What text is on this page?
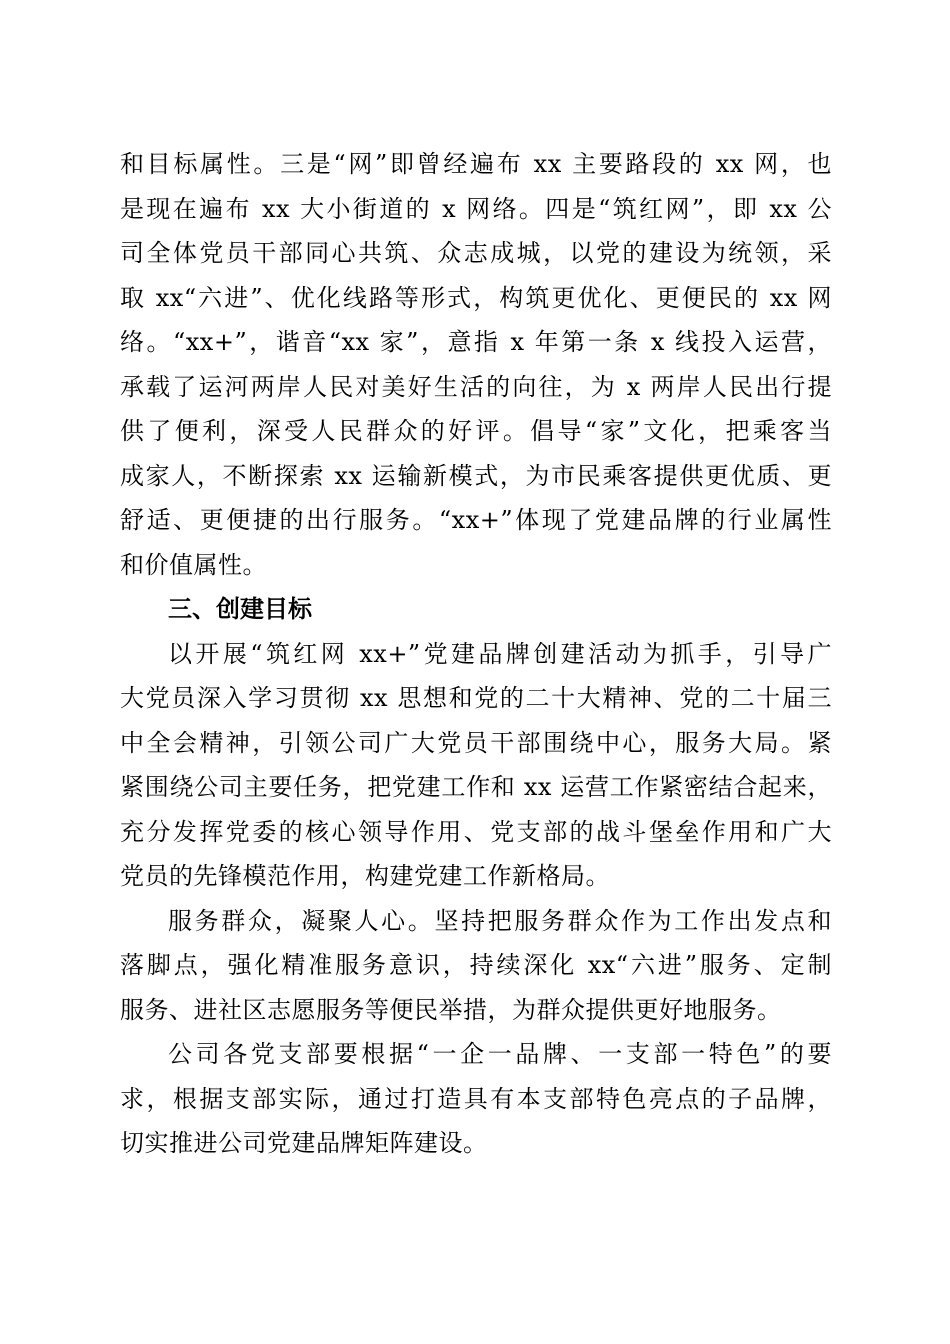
和目标属性。三是“网”即曾经遍布 xx 主要路段的 xx 网，也
是现在遍布 xx 大小街道的 x 网络。四是“筑红网”，即 xx 公
司全体党员干部同心共筑、众志成城，以党的建设为统领，采
取 xx“六进”、优化线路等形式，构筑更优化、更便民的 xx 网
络。“xx+”，谐音“xx 家”，意指 x 年第一条 x 线投入运营，
承载了运河两岸人民对美好生活的向往，为 x 两岸人民出行提
供了便利，深受人民群众的好评。倡导“家”文化，把乘客当
成家人，不断探索 xx 运输新模式，为市民乘客提供更优质、更
舒适、更便捷的出行服务。“xx+”体现了党建品牌的行业属性
和价值属性。
三、创建目标
以开展“筑红网 xx+”党建品牌创建活动为抓手，引导广
大党员深入学习贯彻 xx 思想和党的二十大精神、党的二十届三
中全会精神，引领公司广大党员干部围绕中心，服务大局。紧
紧围绕公司主要任务，把党建工作和 xx 运营工作紧密结合起来，
充分发挥党委的核心领导作用、党支部的战斗堡垒作用和广大
党员的先锋模范作用，构建党建工作新格局。
服务群众，凝聚人心。坚持把服务群众作为工作出发点和
落脚点，强化精准服务意识，持续深化 xx“六进”服务、定制
服务、进社区志愿服务等便民举措，为群众提供更好地服务。
公司各党支部要根据“一企一品牌、一支部一特色”的要
求，根据支部实际，通过打造具有本支部特色亮点的子品牌，
切实推进公司党建品牌矩阵建设。
